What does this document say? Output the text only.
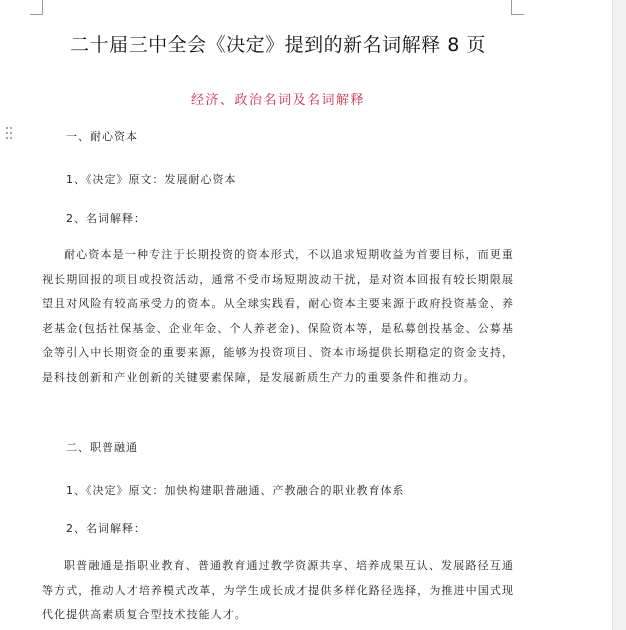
二十届三中全会《决定》提到的新名词解释 8 页
经济、政治名词及名词解释
一、耐心资本
1、《决定》原文：发展耐心资本
2、名词解释：
耐心资本是一种专注于长期投资的资本形式，不以追求短期收益为首要目标，而更重视长期回报的项目或投资活动，通常不受市场短期波动干扰，是对资本回报有较长期限展望且对风险有较高承受力的资本。从全球实践看，耐心资本主要来源于政府投资基金、养老基金(包括社保基金、企业年金、个人养老金)、保险资本等，是私募创投基金、公募基金等引入中长期资金的重要来源，能够为投资项目、资本市场提供长期稳定的资金支持，是科技创新和产业创新的关键要素保障，是发展新质生产力的重要条件和推动力。
二、职普融通
1、《决定》原文：加快构建职普融通、产教融合的职业教育体系
2、名词解释：
职普融通是指职业教育、普通教育通过教学资源共享、培养成果互认、发展路径互通等方式，推动人才培养模式改革，为学生成长成才提供多样化路径选择，为推进中国式现代化提供高素质复合型技术技能人才。
